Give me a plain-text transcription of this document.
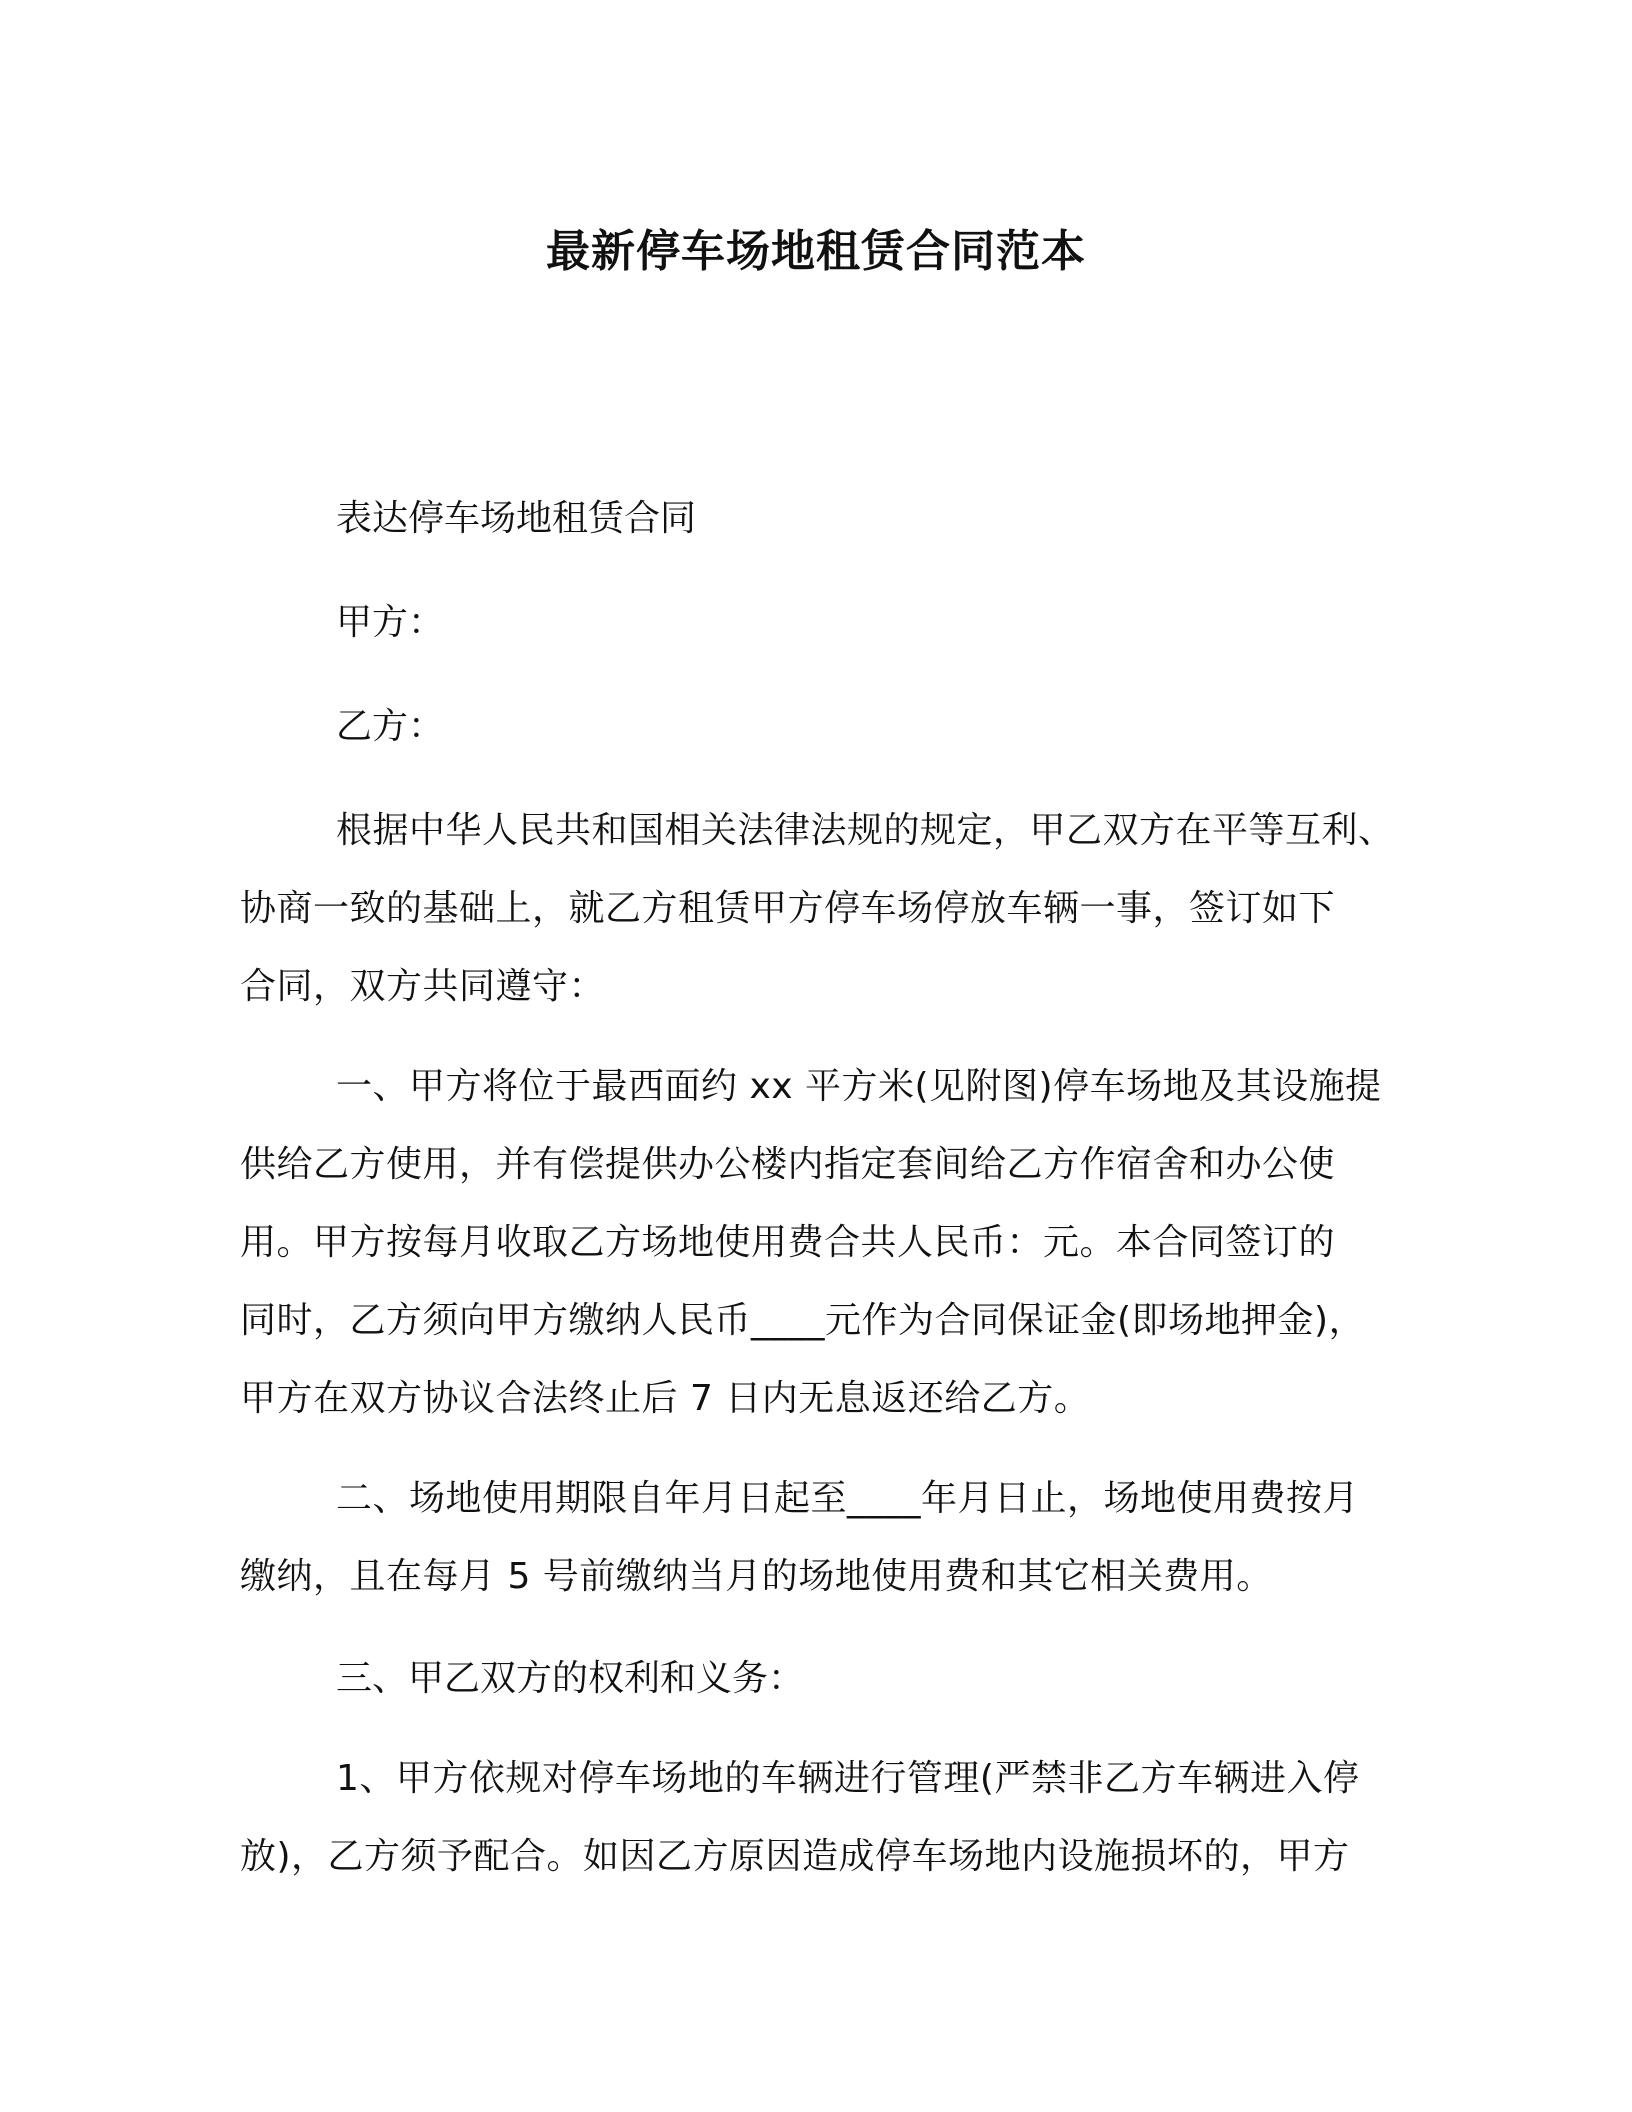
最新停车场地租赁合同范本
表达停车场地租赁合同
甲方：
乙方：
根据中华人民共和国相关法律法规的规定，甲乙双方在平等互利、
协商一致的基础上，就乙方租赁甲方停车场停放车辆一事，签订如下
合同，双方共同遵守：
一、甲方将位于最西面约 xx 平方米(见附图)停车场地及其设施提
供给乙方使用，并有偿提供办公楼内指定套间给乙方作宿舍和办公使
用。甲方按每月收取乙方场地使用费合共人民币：元。本合同签订的
同时，乙方须向甲方缴纳人民币____元作为合同保证金(即场地押金)，
甲方在双方协议合法终止后 7 日内无息返还给乙方。
二、场地使用期限自年月日起至____年月日止，场地使用费按月
缴纳，且在每月 5 号前缴纳当月的场地使用费和其它相关费用。
三、甲乙双方的权利和义务：
1、甲方依规对停车场地的车辆进行管理(严禁非乙方车辆进入停
放)，乙方须予配合。如因乙方原因造成停车场地内设施损坏的，甲方
